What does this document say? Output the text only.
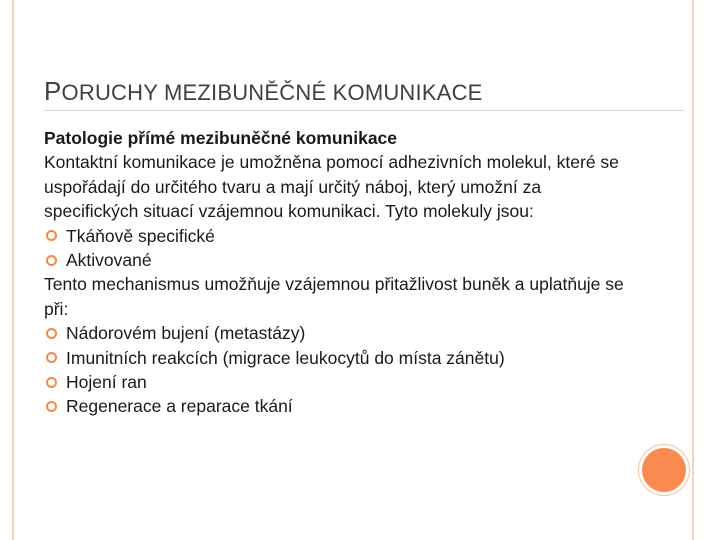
PORUCHY MEZIBUNĚČNÉ KOMUNIKACE
Patologie přímé mezibuněčné komunikace
Kontaktní komunikace je umožněna pomocí adhezivních molekul, které se uspořádají do určitého tvaru a mají určitý náboj, který umožní za specifických situací vzájemnou komunikaci. Tyto molekuly jsou:
Tkáňově specifické
Aktivované
Tento mechanismus umožňuje vzájemnou přitažlivost buněk a uplatňuje se při:
Nádorovém bujení (metastázy)
Imunitních reakcích (migrace leukocytů do místa zánětu)
Hojení ran
Regenerace a reparace tkání
